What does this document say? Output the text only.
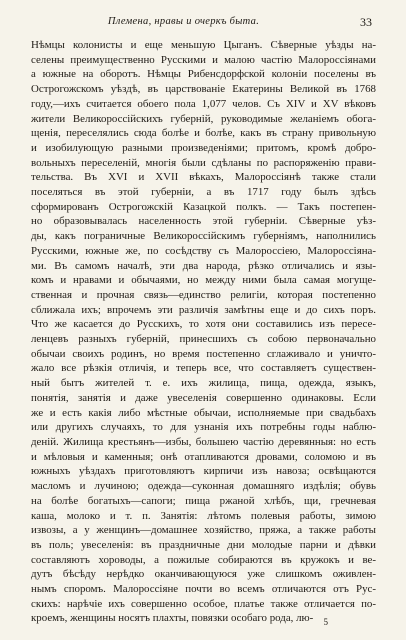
Племена, нравы и очеркъ быта.	33
Нѣмцы колонисты и еще меньшую Цыганъ. Сѣверные уѣзды на-
селены преимущественно Русскими и малою частію Малороссіянами
а южные на оборотъ. Нѣмцы Рибенсдорфской колоніи поселены въ
Острогожскомъ уѣздѣ, въ царствованіе Екатерины Великой въ 1768
году,—ихъ считается обоего пола 1,077 челов. Съ XIV и XV вѣковъ
жители Великороссійскихъ губерній, руководимые желаніемъ обога-
щенія, переселялись сюда болѣе и болѣе, какъ въ страну привольную
и изобилующую разными произведеніями; притомъ, кромѣ добро-
вольныхъ переселеній, многія были сдѣланы по распоряженію прави-
тельства. Въ XVI и XVII вѣкахъ, Малороссіянѣ также стали
поселяться въ этой губерніи, а въ 1717 году былъ здѣсь
сформированъ Острогожскій Казацкой полкъ. — Такъ постепен-
но образовывалась населенность этой губерніи. Сѣверные уѣз-
ды, какъ пограничные Великороссійскимъ губерніямъ, наполнились
Русскими, южные же, по сосѣдству съ Малороссіею, Малороссіяна-
ми. Въ самомъ началѣ, эти два народа, рѣзко отличались и язы-
комъ и нравами и обычаями, но между ними была самая могуще-
ственная и прочная связь—единство религіи, которая постепенно
сближала ихъ; впрочемъ эти различія замѣтны еще и до сихъ поръ.
Что же касается до Русскихъ, то хотя они составились изъ пересе-
ленцевъ разныхъ губерній, принесшихъ съ собою первоначально
обычаи своихъ родинъ, но время постепенно сглаживало и уничто-
жало все рѣзкія отличія, и теперь все, что составляетъ существен-
ный бытъ жителей т. е. ихъ жилища, пища, одежда, языкъ,
понятія, занятія и даже увеселенія совершенно одинаковы. Если
же и есть какія либо мѣстные обычаи, исполняемые при свадьбахъ
или другихъ случаяхъ, то для узнанія ихъ потребны годы наблю-
деній. Жилища крестьянъ—избы, большею частію деревянныя: но есть
и мѣловыя и каменныя; онѣ отапливаются дровами, соломою и въ
южныхъ уѣздахъ приготовляютъ кирпичи изъ навоза; освѣщаются
масломъ и лучиною; одежда—суконная домашняго издѣлія; обувь
на болѣе богатыхъ—сапоги; пища ржаной хлѣбъ, щи, гречневая
каша, молоко и т. п. Занятія: лѣтомъ полевыя работы, зимою
извозы, а у женщинъ—домашнее хозяйство, пряжа, а также работы
въ поль; увеселенія: въ праздничные дни молодые парни и дѣвки
составляютъ хороводы, а пожилые собираются въ кружокъ и ве-
дутъ бѣсѣду нерѣдко оканчивающуюся уже слишкомъ оживлен-
нымъ споромъ. Малороссіяне почти во всемъ отличаются отъ Рус-
скихъ: нарѣчіе ихъ совершенно особое, платье также отличается по-
кроемъ, женщины носятъ плахты, повязки особаго рода, лю-	5
